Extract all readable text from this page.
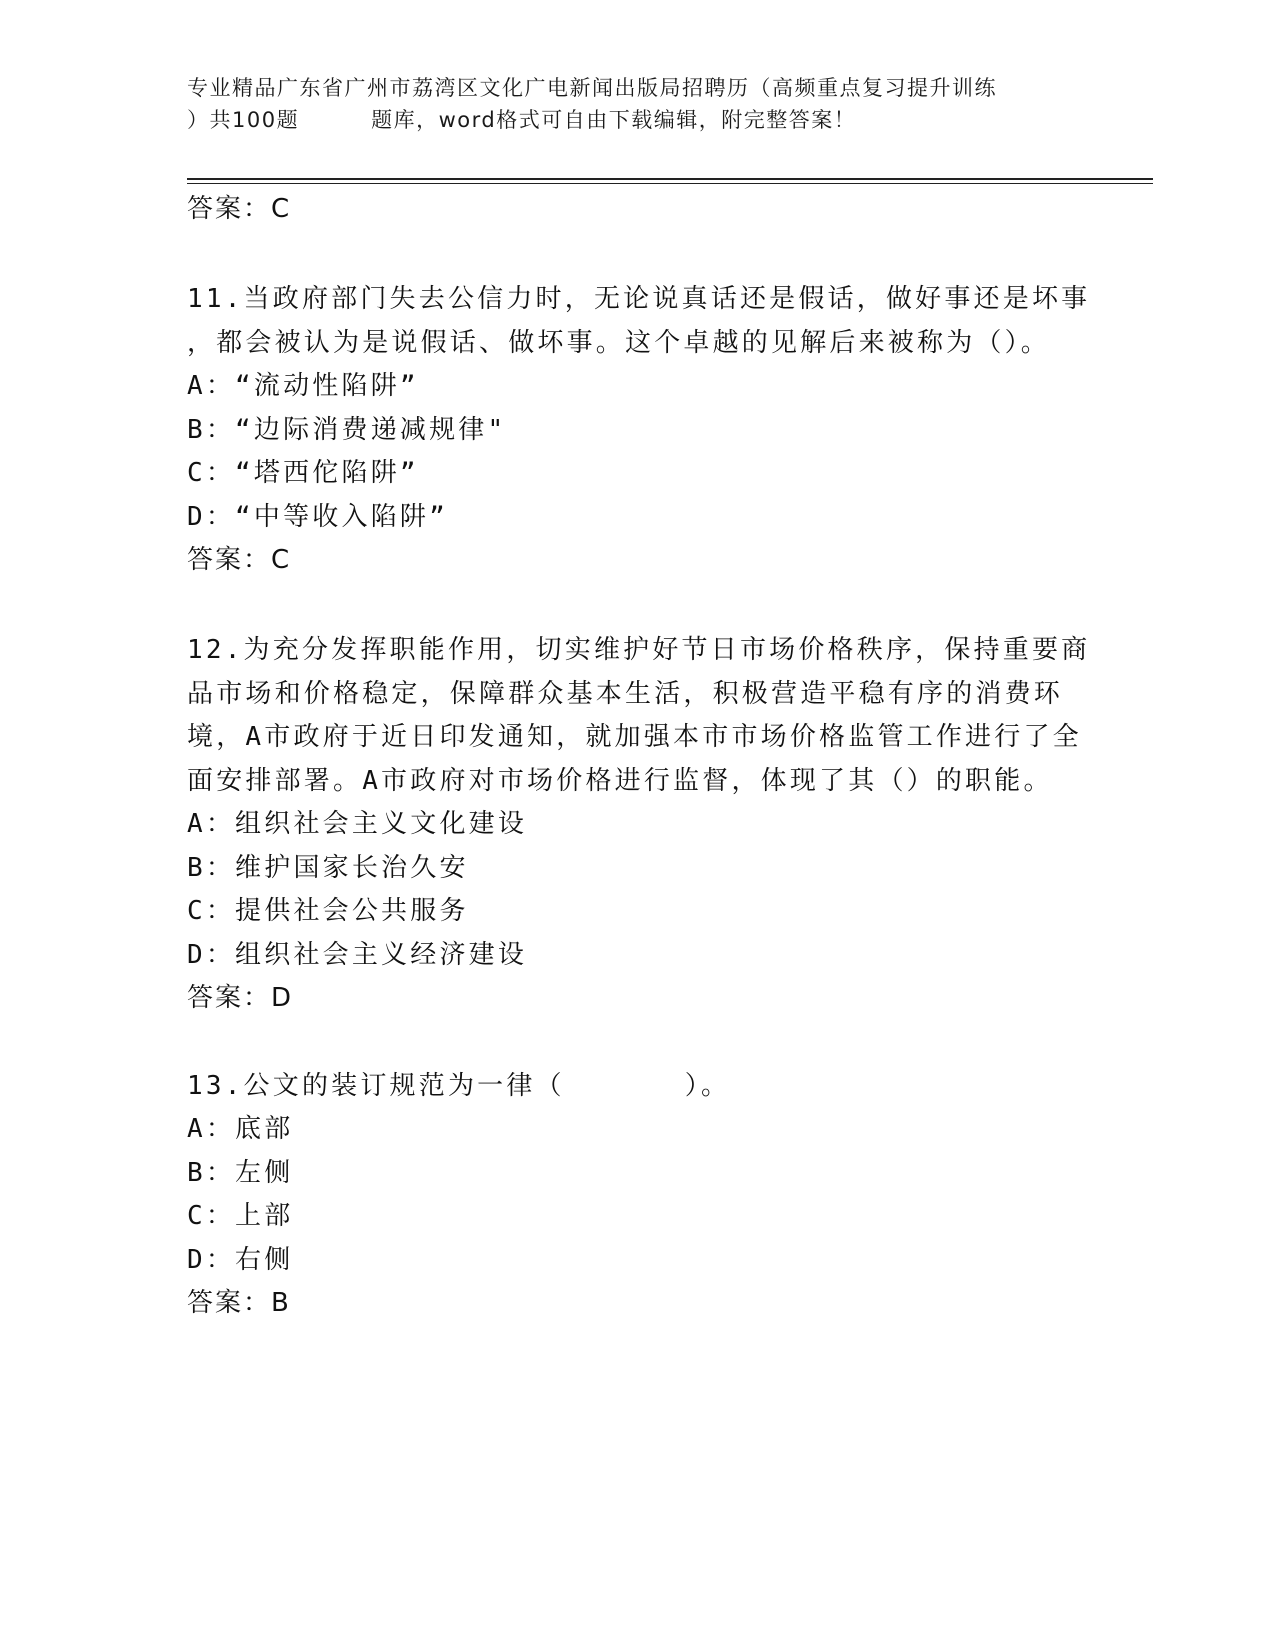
专业精品广东省广州市荔湾区文化广电新闻出版局招聘历（高频重点复习提升训练
）共100题	题库，word格式可自由下载编辑，附完整答案！
答案：C
11.当政府部门失去公信力时，无论说真话还是假话，做好事还是坏事
，都会被认为是说假话、做坏事。这个卓越的见解后来被称为（）。
A：“流动性陷阱”
B：“边际消费递减规律"
C：“塔西佗陷阱”
D：“中等收入陷阱”
答案：C
12.为充分发挥职能作用，切实维护好节日市场价格秩序，保持重要商
品市场和价格稳定，保障群众基本生活，积极营造平稳有序的消费环
境，A市政府于近日印发通知，就加强本市市场价格监管工作进行了全
面安排部署。A市政府对市场价格进行监督，体现了其（）的职能。
A：组织社会主义文化建设
B：维护国家长治久安
C：提供社会公共服务
D：组织社会主义经济建设
答案：D
13.公文的装订规范为一律（	）。
A：底部
B：左侧
C：上部
D：右侧
答案：B
